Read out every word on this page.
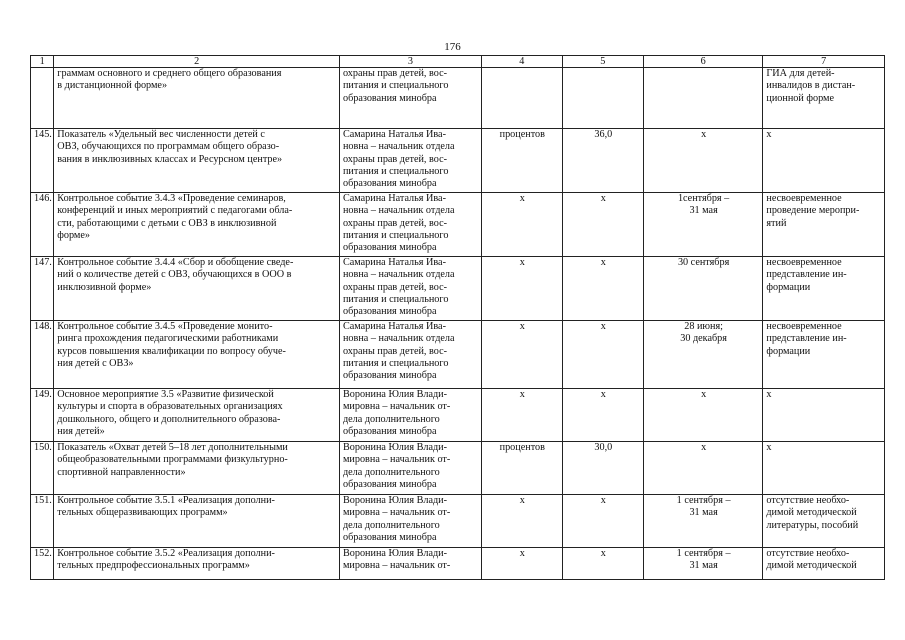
176
1	2	3	4	5	6	7

	граммам основного и среднего общего образования
в дистанционной форме»	охраны прав детей, вос-
питания и специального
образования минобра				ГИА для детей-
инвалидов в дистан-
ционной форме

145.	Показатель «Удельный вес численности детей с
ОВЗ, обучающихся по программам общего образо-
вания в инклюзивных классах и Ресурсном центре»	Самарина Наталья Ива-
новна – начальник отдела
охраны прав детей, вос-
питания и специального
образования минобра	процентов	36,0	х	х

146.	Контрольное событие 3.4.3 «Проведение семинаров,
конференций и иных мероприятий с педагогами обла-
сти, работающими с детьми с ОВЗ в инклюзивной
форме»	Самарина Наталья Ива-
новна – начальник отдела
охраны прав детей, вос-
питания и специального
образования минобра	х	х	1сентября –
31 мая	несвоевременное
проведение меропри-
ятий

147.	Контрольное событие 3.4.4 «Сбор и обобщение сведе-
ний о количестве детей с ОВЗ, обучающихся в ООО в
инклюзивной форме»	Самарина Наталья Ива-
новна – начальник отдела
охраны прав детей, вос-
питания и специального
образования минобра	х	х	30 сентября	несвоевременное
представление ин-
формации

148.	Контрольное событие 3.4.5 «Проведение монито-
ринга прохождения педагогическими работниками
курсов повышения квалификации по вопросу обуче-
ния детей с ОВЗ»	Самарина Наталья Ива-
новна – начальник отдела
охраны прав детей, вос-
питания и специального
образования минобра	х	х	28 июня;
30 декабря	несвоевременное
представление ин-
формации

149.	Основное мероприятие 3.5 «Развитие физической
культуры и спорта в образовательных организациях
дошкольного, общего и дополнительного образова-
ния детей»	Воронина Юлия Влади-
мировна – начальник от-
дела дополнительного
образования минобра	х	х	х	х

150.	Показатель «Охват детей 5–18 лет дополнительными
общеобразовательными программами физкультурно-
спортивной направленности»	Воронина Юлия Влади-
мировна – начальник от-
дела дополнительного
образования минобра	процентов	30,0	х	х

151.	Контрольное событие 3.5.1 «Реализация дополни-
тельных общеразвивающих программ»	Воронина Юлия Влади-
мировна – начальник от-
дела дополнительного
образования минобра	х	х	1 сентября –
31 мая	отсутствие необхо-
димой методической
литературы, пособий

152.	Контрольное событие 3.5.2 «Реализация дополни-
тельных предпрофессиональных программ»	Воронина Юлия Влади-
мировна – начальник от-	х	х	1 сентября –
31 мая	отсутствие необхо-
димой методической
